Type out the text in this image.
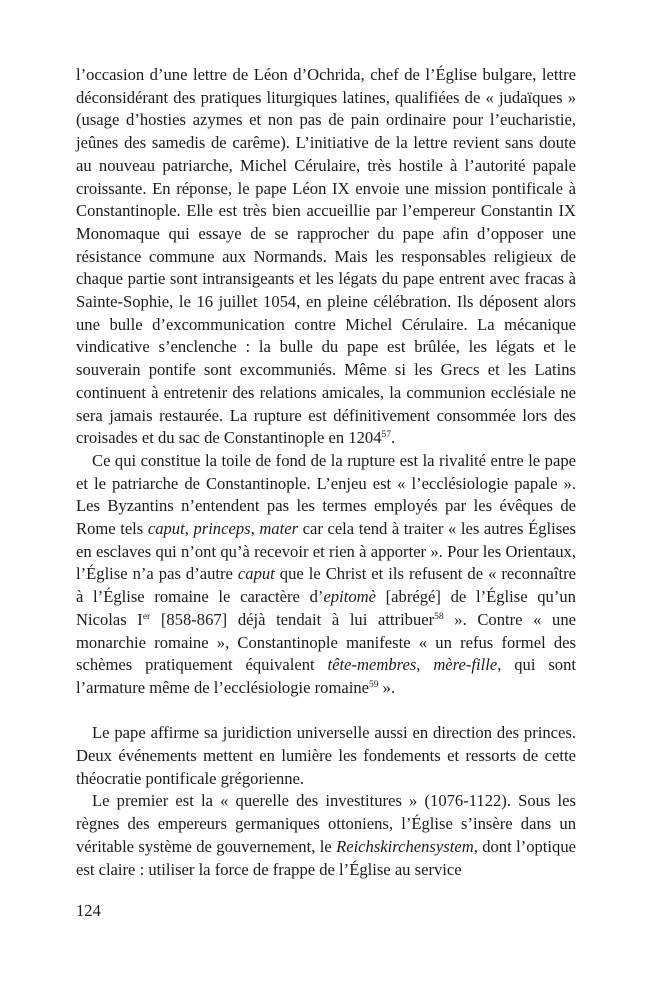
l’occasion d’une lettre de Léon d’Ochrida, chef de l’Église bulgare, lettre déconsidérant des pratiques liturgiques latines, qualifiées de « judaïques » (usage d’hosties azymes et non pas de pain ordinaire pour l’eucharistie, jeûnes des samedis de carême). L’initiative de la lettre revient sans doute au nouveau patriarche, Michel Cérulaire, très hostile à l’autorité papale croissante. En réponse, le pape Léon IX envoie une mission pontificale à Constantinople. Elle est très bien accueillie par l’empereur Constantin IX Monomaque qui essaye de se rapprocher du pape afin d’opposer une résistance commune aux Normands. Mais les responsables religieux de chaque partie sont intransigeants et les légats du pape entrent avec fracas à Sainte-Sophie, le 16 juillet 1054, en pleine célébration. Ils déposent alors une bulle d’excommunication contre Michel Cérulaire. La mécanique vindicative s’enclenche : la bulle du pape est brûlée, les légats et le souverain pontife sont excommuniés. Même si les Grecs et les Latins continuent à entretenir des relations amicales, la communion ecclésiale ne sera jamais restaurée. La rupture est définitivement consommée lors des croisades et du sac de Constantinople en 1204$^{57}$.

Ce qui constitue la toile de fond de la rupture est la rivalité entre le pape et le patriarche de Constantinople. L’enjeu est « l’ecclésiologie papale ». Les Byzantins n’entendent pas les termes employés par les évêques de Rome tels caput, princeps, mater car cela tend à traiter « les autres Églises en esclaves qui n’ont qu’à recevoir et rien à apporter ». Pour les Orientaux, l’Église n’a pas d’autre caput que le Christ et ils refusent de « reconnaître à l’Église romaine le caractère d’epitomè [abrégé] de l’Église qu’un Nicolas Ier [858-867] déjà tendait à lui attribuer$^{58}$ ». Contre « une monarchie romaine », Constantinople manifeste « un refus formel des schèmes pratiquement équivalent tête-membres, mère-fille, qui sont l’armature même de l’ecclésiologie romaine$^{59}$ ».

Le pape affirme sa juridiction universelle aussi en direction des princes. Deux événements mettent en lumière les fondements et ressorts de cette théocratie pontificale grégorienne.

Le premier est la « querelle des investitures » (1076-1122). Sous les règnes des empereurs germaniques ottoniens, l’Église s’insère dans un véritable système de gouvernement, le Reichskirchensystem, dont l’optique est claire : utiliser la force de frappe de l’Église au service

124
